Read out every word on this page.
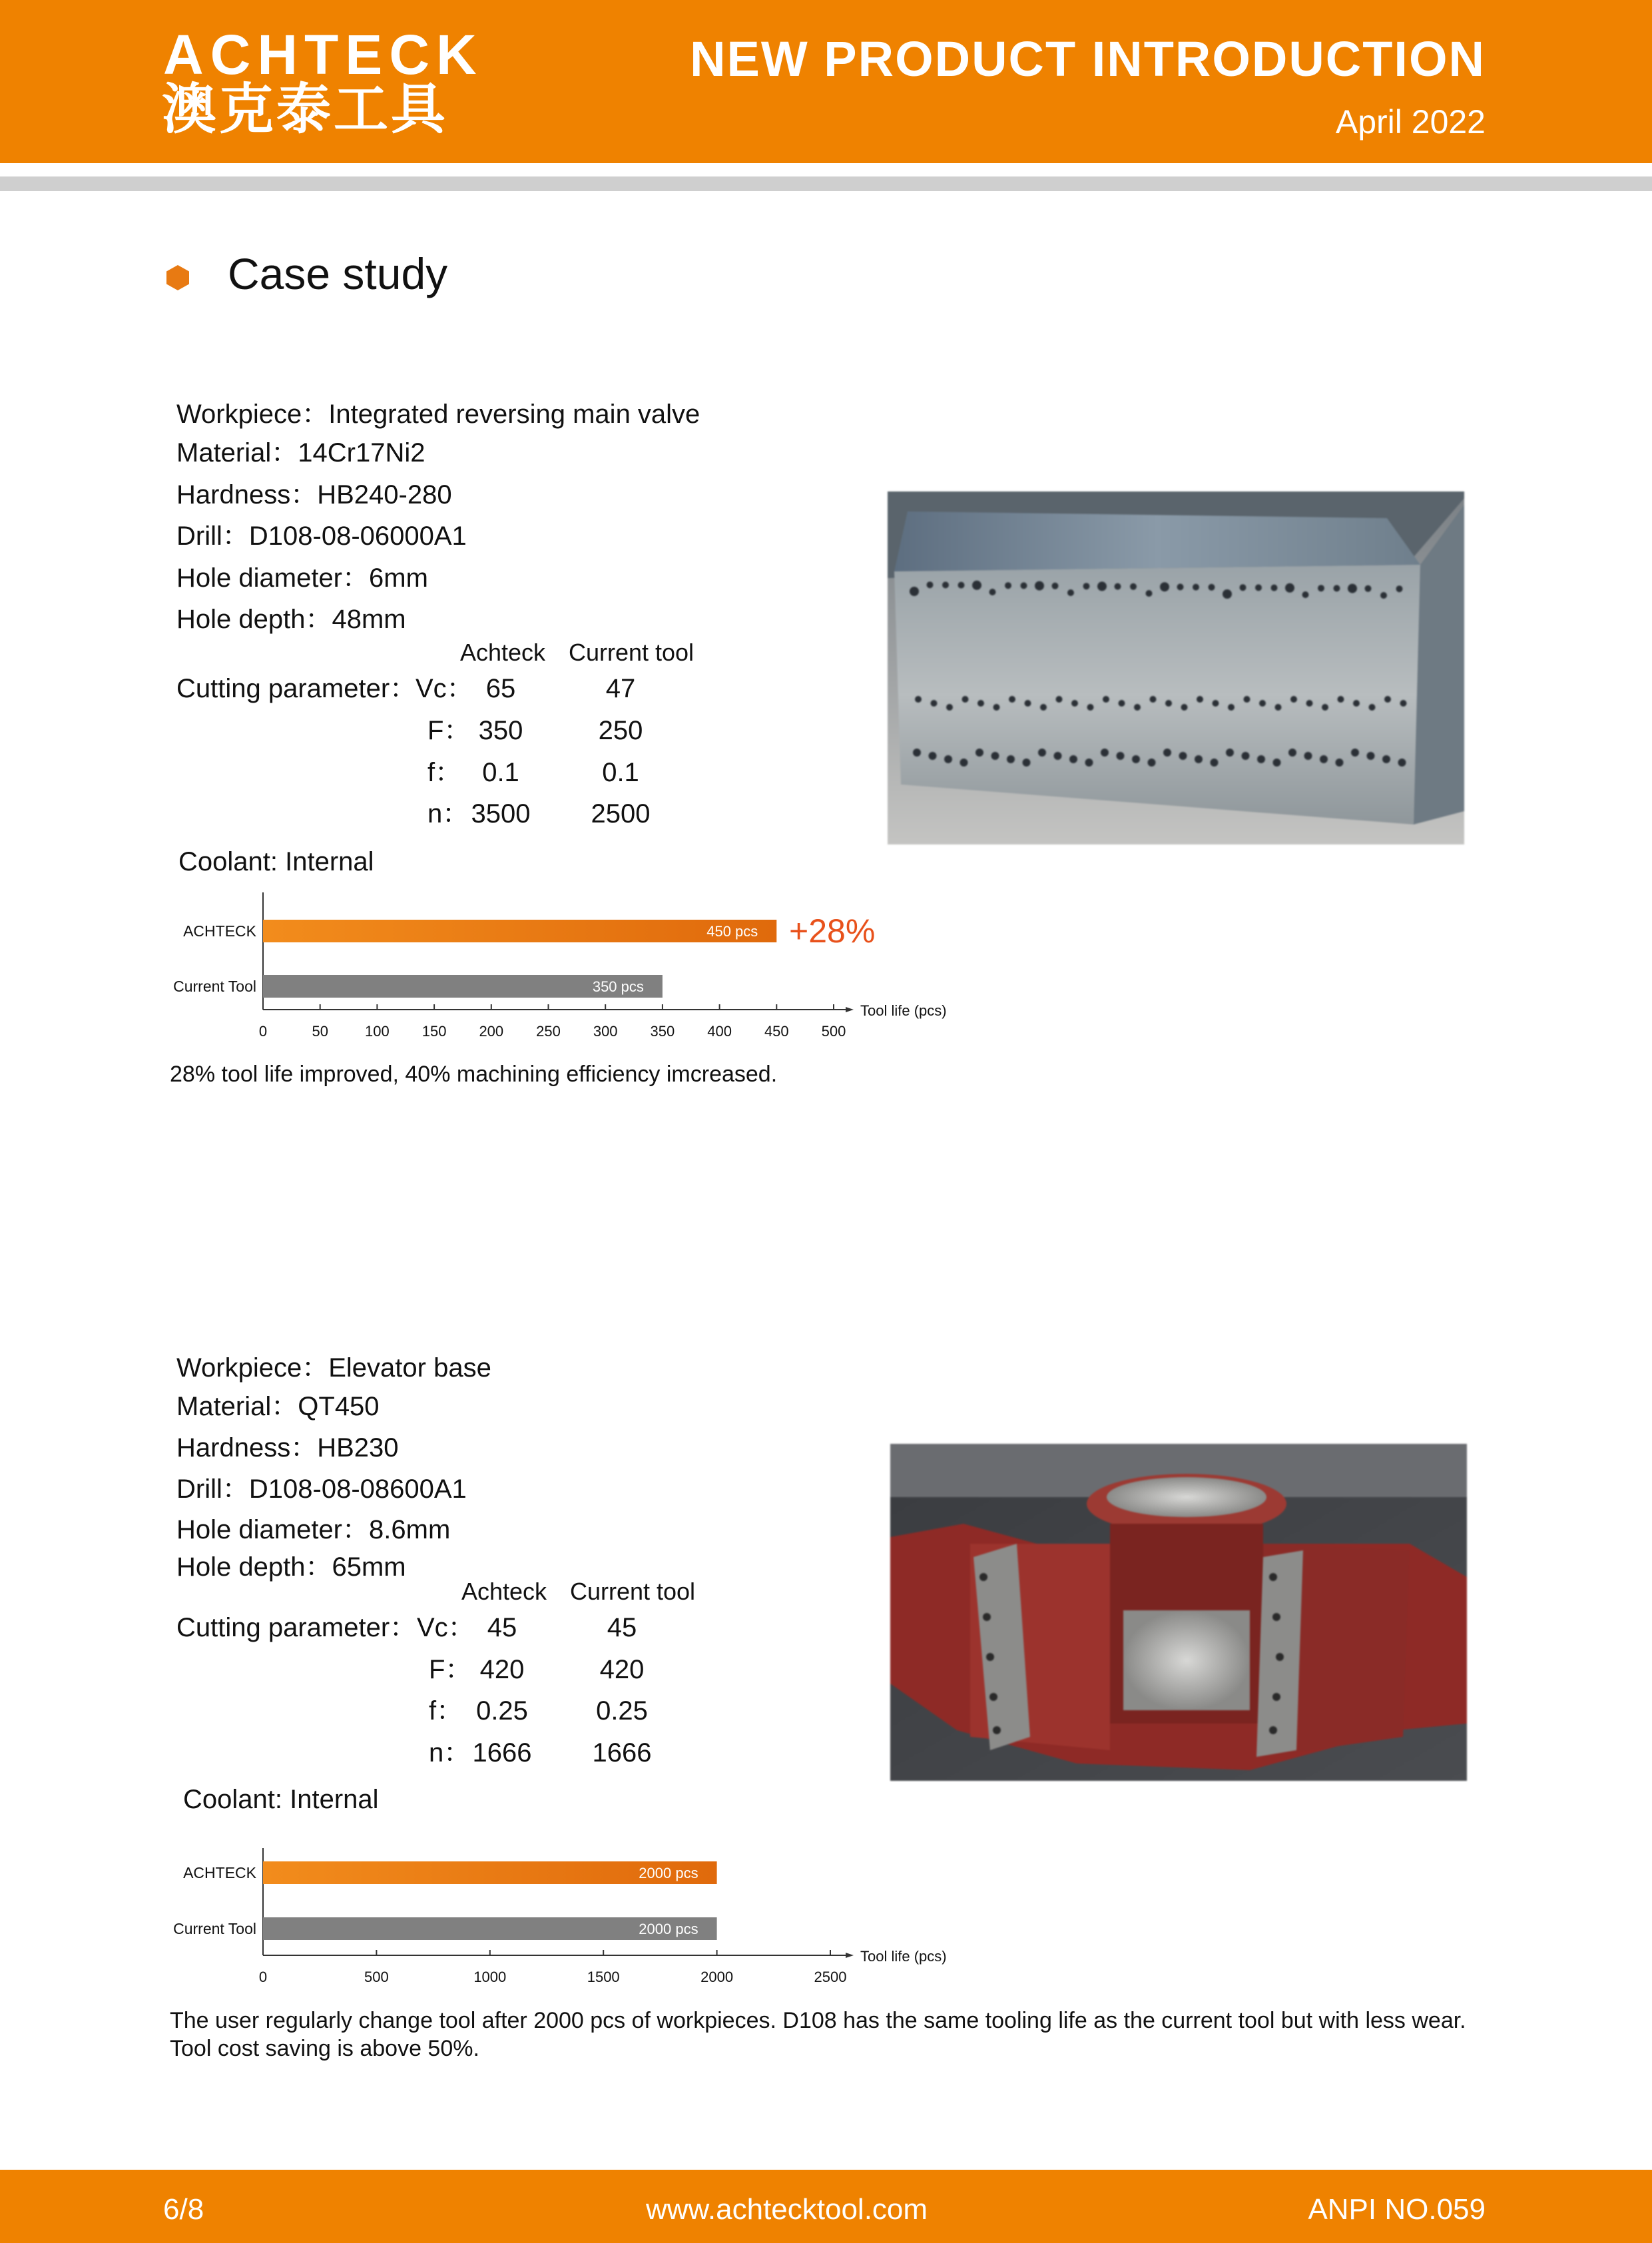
ACHTECK
澳克泰工具
NEW PRODUCT INTRODUCTION
April 2022
Case study
Workpiece：Integrated reversing main valve
Material：14Cr17Ni2
Hardness：HB240-280
Drill：D108-08-06000A1
Hole diameter：6mm
Hole depth：48mm
Achteck Current tool
Cutting parameter：
Vc： 65	47
F： 350	250
f： 0.1	0.1
n： 3500 2500
Coolant: Internal
Tool life (pcs)
0	50	100 150 200 250 300 350 400 450 500
ACHTECK	450 pcs
Current Tool	350 pcs
+28%
28% tool life improved, 40% machining efficiency imcreased.
Workpiece：Elevator base
Material：QT450
Hardness：HB230
Drill：D108-08-08600A1
Hole diameter：8.6mm
Hole depth：65mm
Achteck Current tool
Cutting parameter： Vc： 45	45
F： 420	420
f： 0.25	0.25
n： 1666 1666
Coolant: Internal
Tool life (pcs)
0	500	1000	1500	2000	2500
ACHTECK	2000 pcs
Current Tool	2000 pcs
The user regularly change tool after 2000 pcs of workpieces. D108 has the same tooling life as the current tool but with less wear.
Tool cost saving is above 50%.
6/8	www.achtecktool.com	ANPI NO.059
